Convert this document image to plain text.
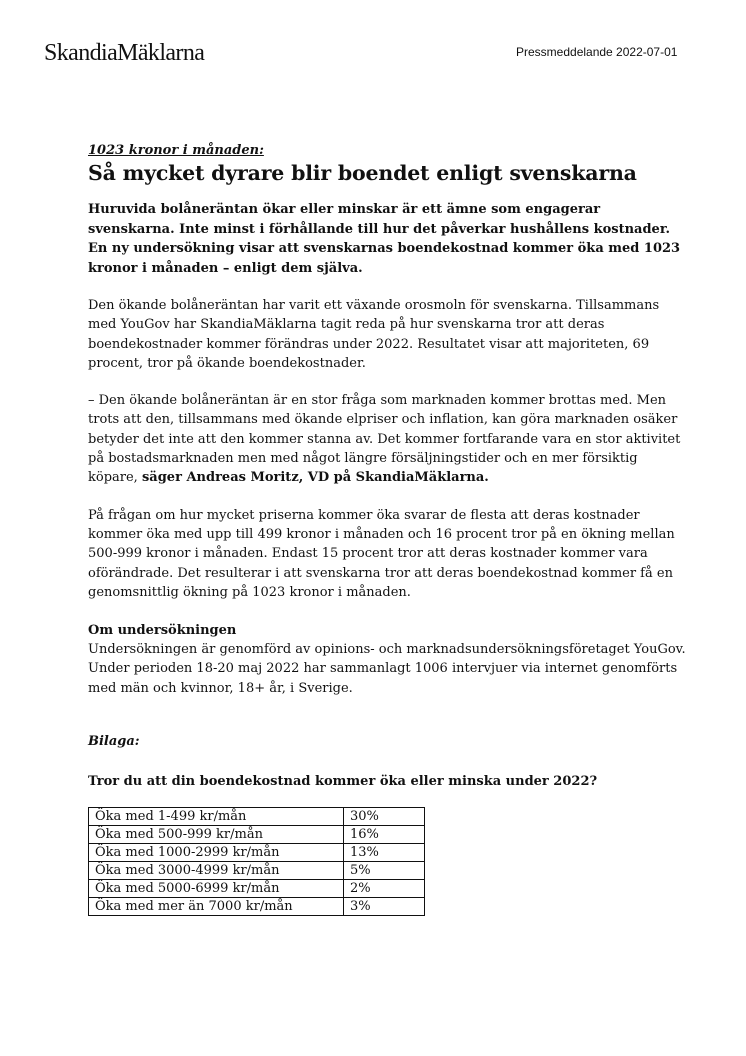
SkandiaMäklarna	Pressmeddelande 2022-07-01

1023 kronor i månaden:

Så mycket dyrare blir boendet enligt svenskarna

Huruvida bolåneräntan ökar eller minskar är ett ämne som engagerar svenskarna. Inte minst i förhållande till hur det påverkar hushållens kostnader. En ny undersökning visar att svenskarnas boendekostnad kommer öka med 1023 kronor i månaden – enligt dem själva.

Den ökande bolåneräntan har varit ett växande orosmoln för svenskarna. Tillsammans med YouGov har SkandiaMäklarna tagit reda på hur svenskarna tror att deras boendekostnader kommer förändras under 2022. Resultatet visar att majoriteten, 69 procent, tror på ökande boendekostnader.

– Den ökande bolåneräntan är en stor fråga som marknaden kommer brottas med. Men trots att den, tillsammans med ökande elpriser och inflation, kan göra marknaden osäker betyder det inte att den kommer stanna av. Det kommer fortfarande vara en stor aktivitet på bostadsmarknaden men med något längre försäljningstider och en mer försiktig köpare, säger Andreas Moritz, VD på SkandiaMäklarna.

På frågan om hur mycket priserna kommer öka svarar de flesta att deras kostnader kommer öka med upp till 499 kronor i månaden och 16 procent tror på en ökning mellan 500-999 kronor i månaden. Endast 15 procent tror att deras kostnader kommer vara oförändrade. Det resulterar i att svenskarna tror att deras boendekostnad kommer få en genomsnittlig ökning på 1023 kronor i månaden.

Om undersökningen

Undersökningen är genomförd av opinions- och marknadsundersökningsföretaget YouGov. Under perioden 18-20 maj 2022 har sammanlagt 1006 intervjuer via internet genomförts med män och kvinnor, 18+ år, i Sverige.

Bilaga:

Tror du att din boendekostnad kommer öka eller minska under 2022?

Öka med 1-499 kr/mån	30%
Öka med 500-999 kr/mån	16%
Öka med 1000-2999 kr/mån	13%
Öka med 3000-4999 kr/mån	5%
Öka med 5000-6999 kr/mån	2%
Öka med mer än 7000 kr/mån	3%
